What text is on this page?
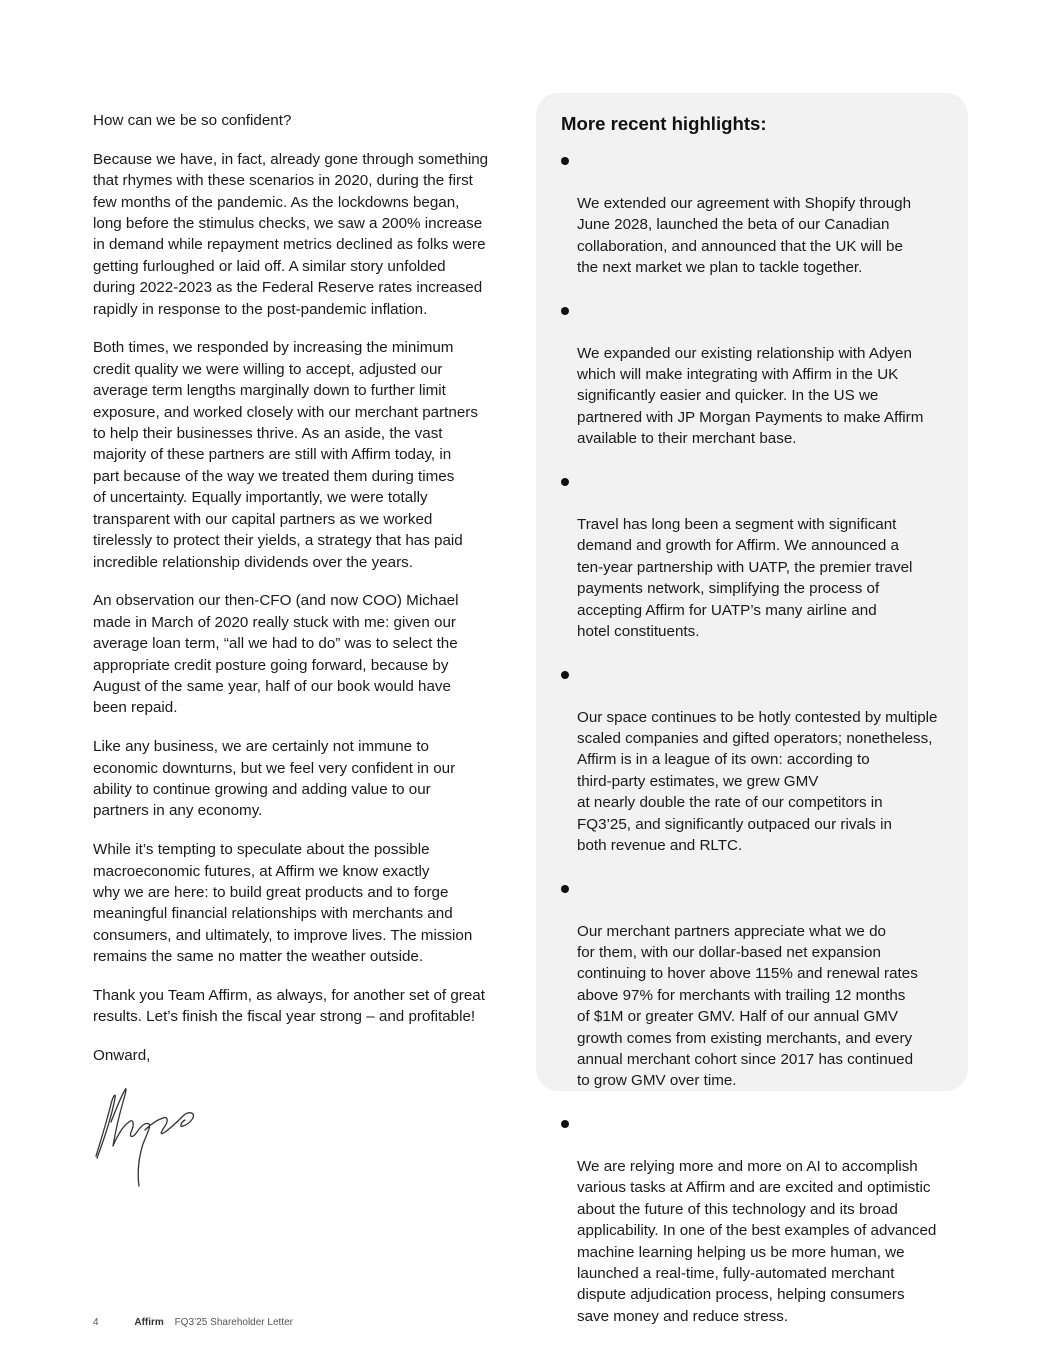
How can we be so confident?

Because we have, in fact, already gone through something
that rhymes with these scenarios in 2020, during the first
few months of the pandemic. As the lockdowns began,
long before the stimulus checks, we saw a 200% increase
in demand while repayment metrics declined as folks were
getting furloughed or laid off. A similar story unfolded
during 2022-2023 as the Federal Reserve rates increased
rapidly in response to the post-pandemic inflation.

Both times, we responded by increasing the minimum
credit quality we were willing to accept, adjusted our
average term lengths marginally down to further limit
exposure, and worked closely with our merchant partners
to help their businesses thrive. As an aside, the vast
majority of these partners are still with Affirm today, in
part because of the way we treated them during times
of uncertainty. Equally importantly, we were totally
transparent with our capital partners as we worked
tirelessly to protect their yields, a strategy that has paid
incredible relationship dividends over the years.

An observation our then-CFO (and now COO) Michael
made in March of 2020 really stuck with me: given our
average loan term, “all we had to do” was to select the
appropriate credit posture going forward, because by
August of the same year, half of our book would have
been repaid.

Like any business, we are certainly not immune to
economic downturns, but we feel very confident in our
ability to continue growing and adding value to our
partners in any economy.

While it’s tempting to speculate about the possible
macroeconomic futures, at Affirm we know exactly
why we are here: to build great products and to forge
meaningful financial relationships with merchants and
consumers, and ultimately, to improve lives. The mission
remains the same no matter the weather outside.

Thank you Team Affirm, as always, for another set of great
results. Let’s finish the fiscal year strong – and profitable!

Onward,

More recent highlights:

We extended our agreement with Shopify through
June 2028, launched the beta of our Canadian
collaboration, and announced that the UK will be
the next market we plan to tackle together.

We expanded our existing relationship with Adyen
which will make integrating with Affirm in the UK
significantly easier and quicker. In the US we
partnered with JP Morgan Payments to make Affirm
available to their merchant base.

Travel has long been a segment with significant
demand and growth for Affirm. We announced a
ten-year partnership with UATP, the premier travel
payments network, simplifying the process of
accepting Affirm for UATP’s many airline and
hotel constituents.

Our space continues to be hotly contested by multiple
scaled companies and gifted operators; nonetheless,
Affirm is in a league of its own: according to
third-party estimates, we grew GMV
at nearly double the rate of our competitors in
FQ3’25, and significantly outpaced our rivals in
both revenue and RLTC.

Our merchant partners appreciate what we do
for them, with our dollar-based net expansion
continuing to hover above 115% and renewal rates
above 97% for merchants with trailing 12 months
of $1M or greater GMV. Half of our annual GMV
growth comes from existing merchants, and every
annual merchant cohort since 2017 has continued
to grow GMV over time.

We are relying more and more on AI to accomplish
various tasks at Affirm and are excited and optimistic
about the future of this technology and its broad
applicability. In one of the best examples of advanced
machine learning helping us be more human, we
launched a real-time, fully-automated merchant
dispute adjudication process, helping consumers
save money and reduce stress.

4	Affirm FQ3’25 Shareholder Letter
